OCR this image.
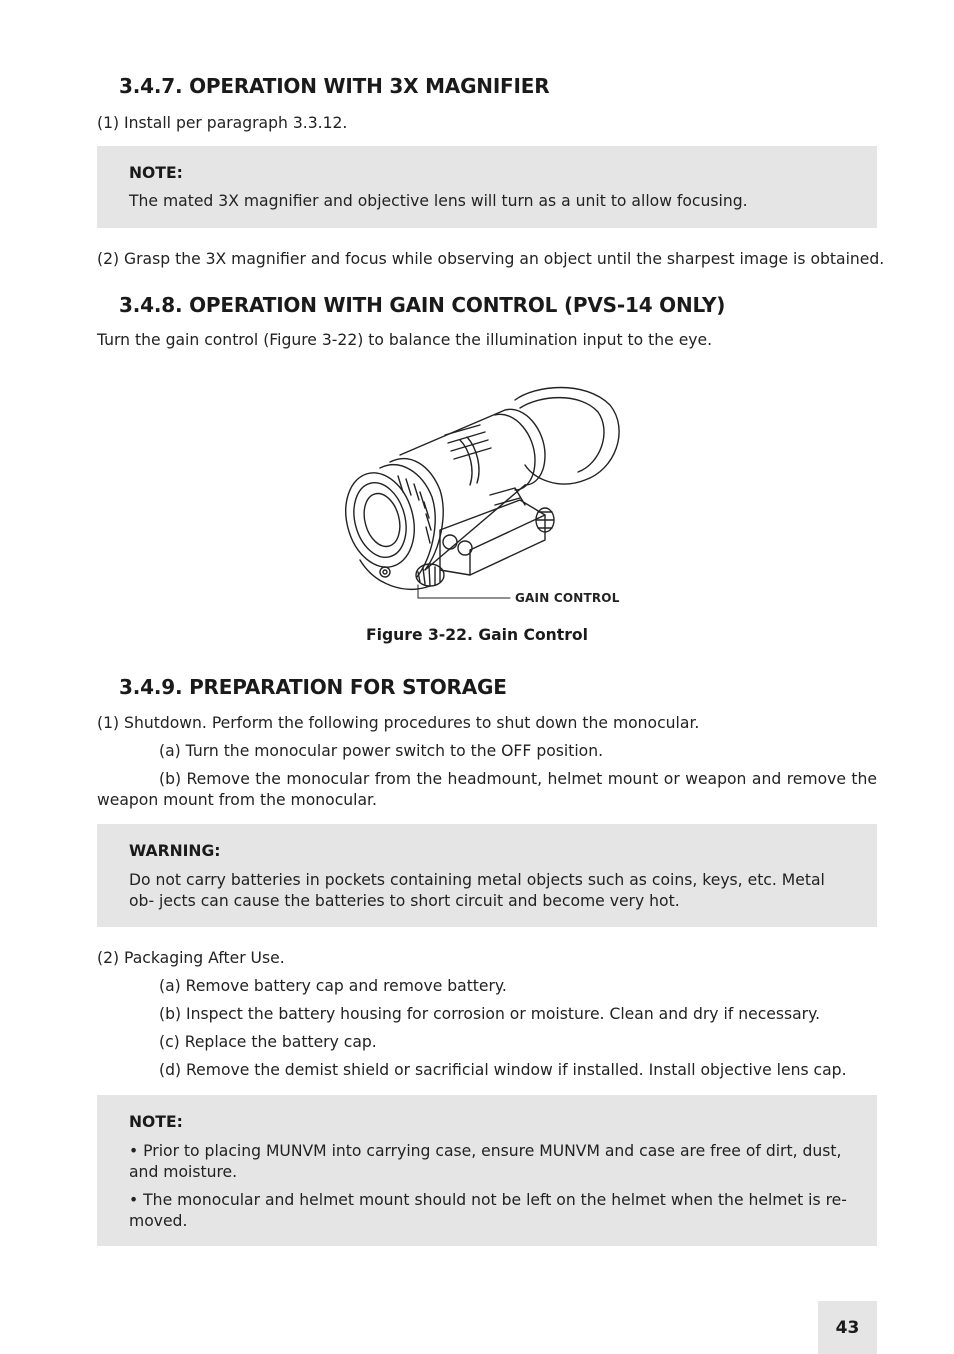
3.4.7. OPERATION WITH 3X MAGNIFIER

(1) Install per paragraph 3.3.12.

NOTE:

The mated 3X magnifier and objective lens will turn as a unit to allow focusing.

(2) Grasp the 3X magnifier and focus while observing an object until the sharpest image is obtained.

3.4.8. OPERATION WITH GAIN CONTROL (PVS-14 ONLY)

Turn the gain control (Figure 3-22) to balance the illumination input to the eye.

GAIN CONTROL

Figure 3-22. Gain Control

3.4.9. PREPARATION FOR STORAGE

(1) Shutdown. Perform the following procedures to shut down the monocular.

(a) Turn the monocular power switch to the OFF position.

(b) Remove the monocular from the headmount, helmet mount or weapon and remove the

weapon mount from the monocular.

WARNING:

Do not carry batteries in pockets containing metal objects such as coins, keys, etc. Metal ob- jects can cause the batteries to short circuit and become very hot.

(2) Packaging After Use.

(a) Remove battery cap and remove battery.

(b) Inspect the battery housing for corrosion or moisture. Clean and dry if necessary.

(c) Replace the battery cap.

(d) Remove the demist shield or sacrificial window if installed. Install objective lens cap.

NOTE:

• Prior to placing MUNVM into carrying case, ensure MUNVM and case are free of dirt, dust, and moisture.

• The monocular and helmet mount should not be left on the helmet when the helmet is re- moved.

43
